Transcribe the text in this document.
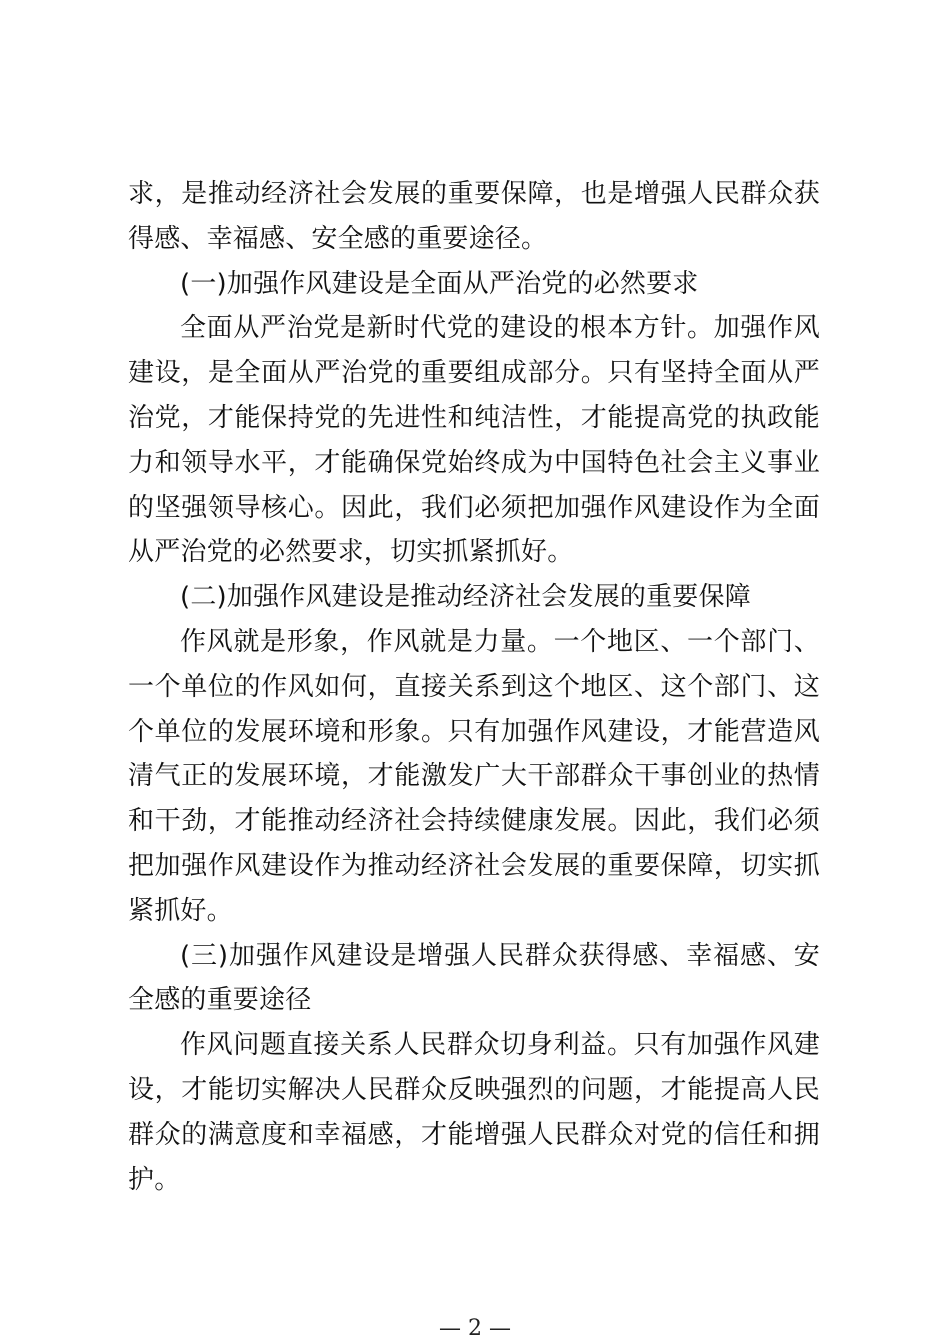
求，是推动经济社会发展的重要保障，也是增强人民群众获得感、幸福感、安全感的重要途径。

(一)加强作风建设是全面从严治党的必然要求

全面从严治党是新时代党的建设的根本方针。加强作风建设，是全面从严治党的重要组成部分。只有坚持全面从严治党，才能保持党的先进性和纯洁性，才能提高党的执政能力和领导水平，才能确保党始终成为中国特色社会主义事业的坚强领导核心。因此，我们必须把加强作风建设作为全面从严治党的必然要求，切实抓紧抓好。

(二)加强作风建设是推动经济社会发展的重要保障

作风就是形象，作风就是力量。一个地区、一个部门、一个单位的作风如何，直接关系到这个地区、这个部门、这个单位的发展环境和形象。只有加强作风建设，才能营造风清气正的发展环境，才能激发广大干部群众干事创业的热情和干劲，才能推动经济社会持续健康发展。因此，我们必须把加强作风建设作为推动经济社会发展的重要保障，切实抓紧抓好。

(三)加强作风建设是增强人民群众获得感、幸福感、安全感的重要途径

作风问题直接关系人民群众切身利益。只有加强作风建设，才能切实解决人民群众反映强烈的问题，才能提高人民群众的满意度和幸福感，才能增强人民群众对党的信任和拥护。

— 2 —
